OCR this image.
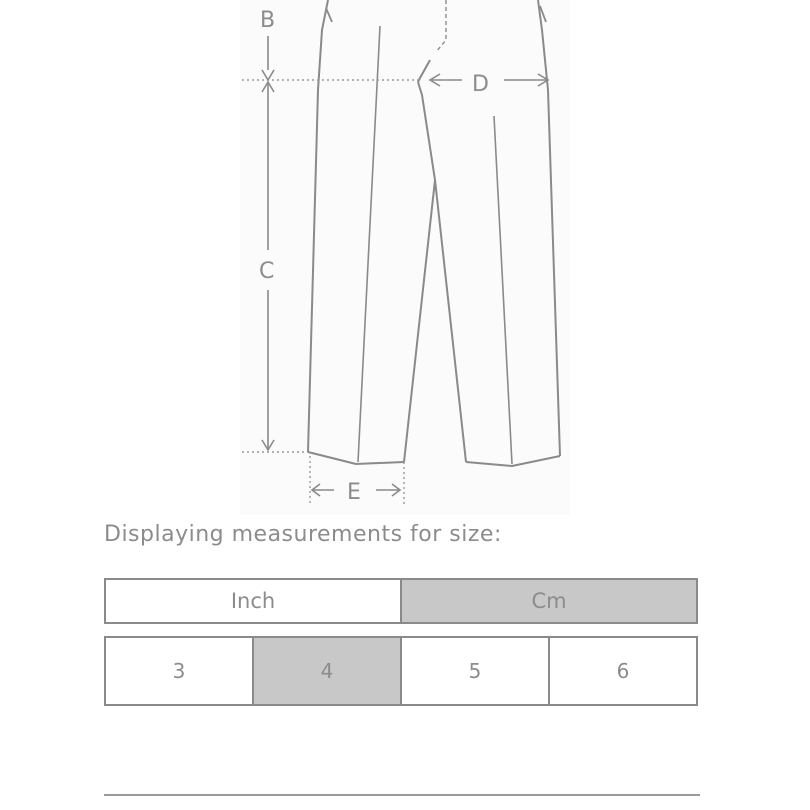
B
C
D
E
Displaying measurements for size:
Inch	Cm
3	4	5	6
